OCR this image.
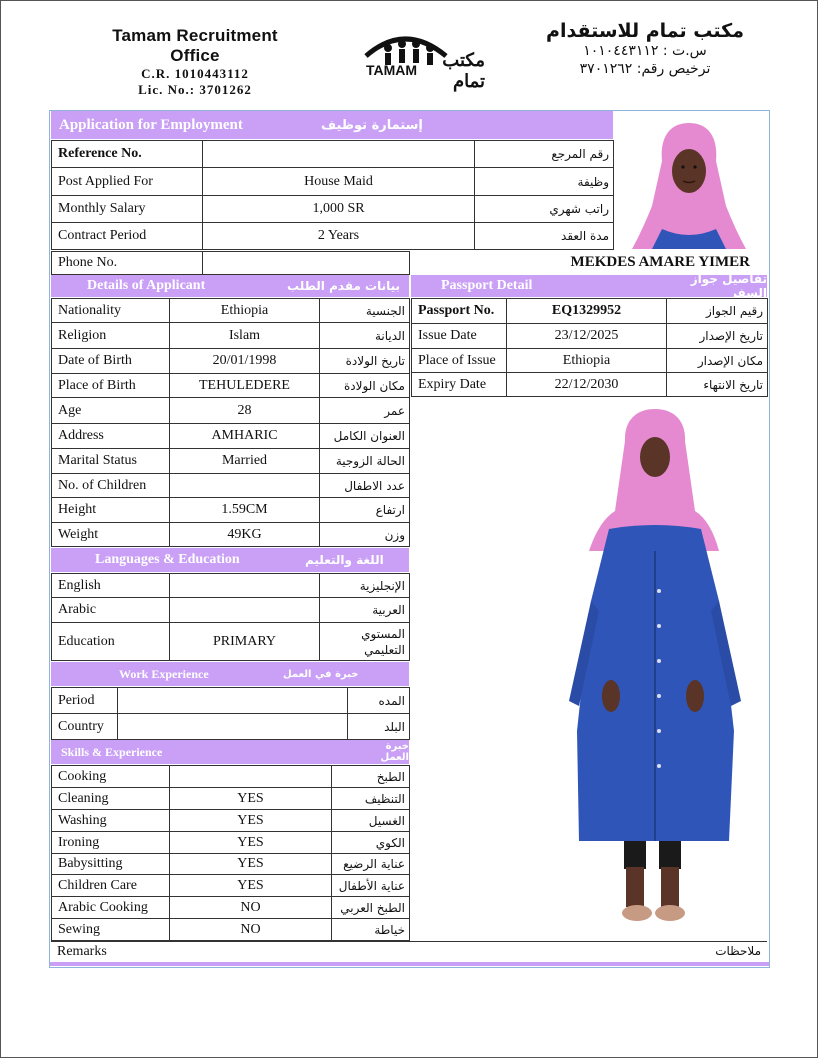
Tamam Recruitment Office
C.R. 1010443112
Lic. No.: 3701262
TAMAM	مكتب تمام
مكتب تمام للاستقدام
س.ت : ١٠١٠٤٤٣١١٢
ترخيص رقم: ٣٧٠١٢٦٢
Application for Employment	إستمارة توظيف
Reference No.		رقم المرجع
Post Applied For	House Maid	وظيفة
Monthly Salary	1,000 SR	راتب شهري
Contract Period	2 Years	مدة العقد
Phone No.		MEKDES AMARE YIMER
Details of Applicant	بيانات مقدم الطلب
Nationality	Ethiopia	الجنسية
Religion	Islam	الديانة
Date of Birth	20/01/1998	تاريخ الولادة
Place of Birth	TEHULEDERE	مكان الولادة
Age	28	عمر
Address	AMHARIC	العنوان الكامل
Marital Status	Married	الحالة الزوجية
No. of Children		عدد الاطفال
Height	1.59CM	ارتفاع
Weight	49KG	وزن
Passport Detail	تفاصيل جواز السفر
Passport No.	EQ1329952	رقيم الجواز
Issue Date	23/12/2025	تاريخ الإصدار
Place of Issue	Ethiopia	مكان الإصدار
Expiry Date	22/12/2030	تاريخ الانتهاء
Languages & Education	اللغة والتعليم
English		الإنجليزية
Arabic		العربية
Education	PRIMARY	المستوي التعليمي
Work Experience	خبرة في العمل
Period		المده
Country		البلد
Skills & Experience	خبرة العمل
Cooking		الطبخ
Cleaning	YES	التنظيف
Washing	YES	الغسيل
Ironing	YES	الكوي
Babysitting	YES	عناية الرضيع
Children Care	YES	عناية الأطفال
Arabic Cooking	NO	الطبخ العربي
Sewing	NO	خياطة
Remarks	ملاحظات
